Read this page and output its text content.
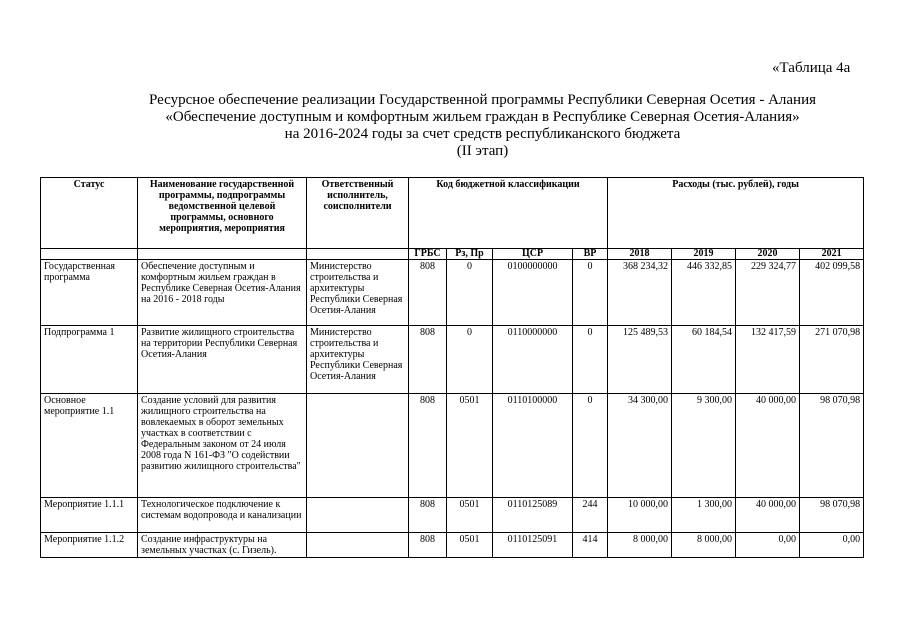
«Таблица 4а
Ресурсное обеспечение реализации Государственной программы Республики Северная Осетия - Алания
«Обеспечение доступным и комфортным жильем граждан в Республике Северная Осетия-Алания»
на 2016-2024 годы за счет средств республиканского бюджета
(II этап)
Статус	Наименование государственной программы, подпрограммы ведомственной целевой программы, основного мероприятия, мероприятия	Ответственный исполнитель, соисполнители	Код бюджетной классификации				Расходы (тыс. рублей), годы			
			ГРБС	Рз, Пр	ЦСР	ВР	2018	2019	2020	2021
Государственная программа	Обеспечение доступным и комфортным жильем граждан в Республике Северная Осетия-Алания на 2016 - 2018 годы	Министерство строительства и архитектуры Республики Северная Осетия-Алания	808	0	0100000000	0	368 234,32	446 332,85	229 324,77	402 099,58
Подпрограмма 1	Развитие жилищного строительства на территории Республики Северная Осетия-Алания	Министерство строительства и архитектуры Республики Северная Осетия-Алания	808	0	0110000000	0	125 489,53	60 184,54	132 417,59	271 070,98
Основное мероприятие 1.1	Создание условий для развития жилищного строительства на вовлекаемых в оборот земельных участках в соответствии с Федеральным законом от 24 июля 2008 года N 161-ФЗ "О содействии развитию жилищного строительства"		808	0501	0110100000	0	34 300,00	9 300,00	40 000,00	98 070,98
Мероприятие 1.1.1	Технологическое подключение к системам водопровода и канализации		808	0501	0110125089	244	10 000,00	1 300,00	40 000,00	98 070,98
Мероприятие 1.1.2	Создание инфраструктуры на земельных участках (с. Гизель).		808	0501	0110125091	414	8 000,00	8 000,00	0,00	0,00
